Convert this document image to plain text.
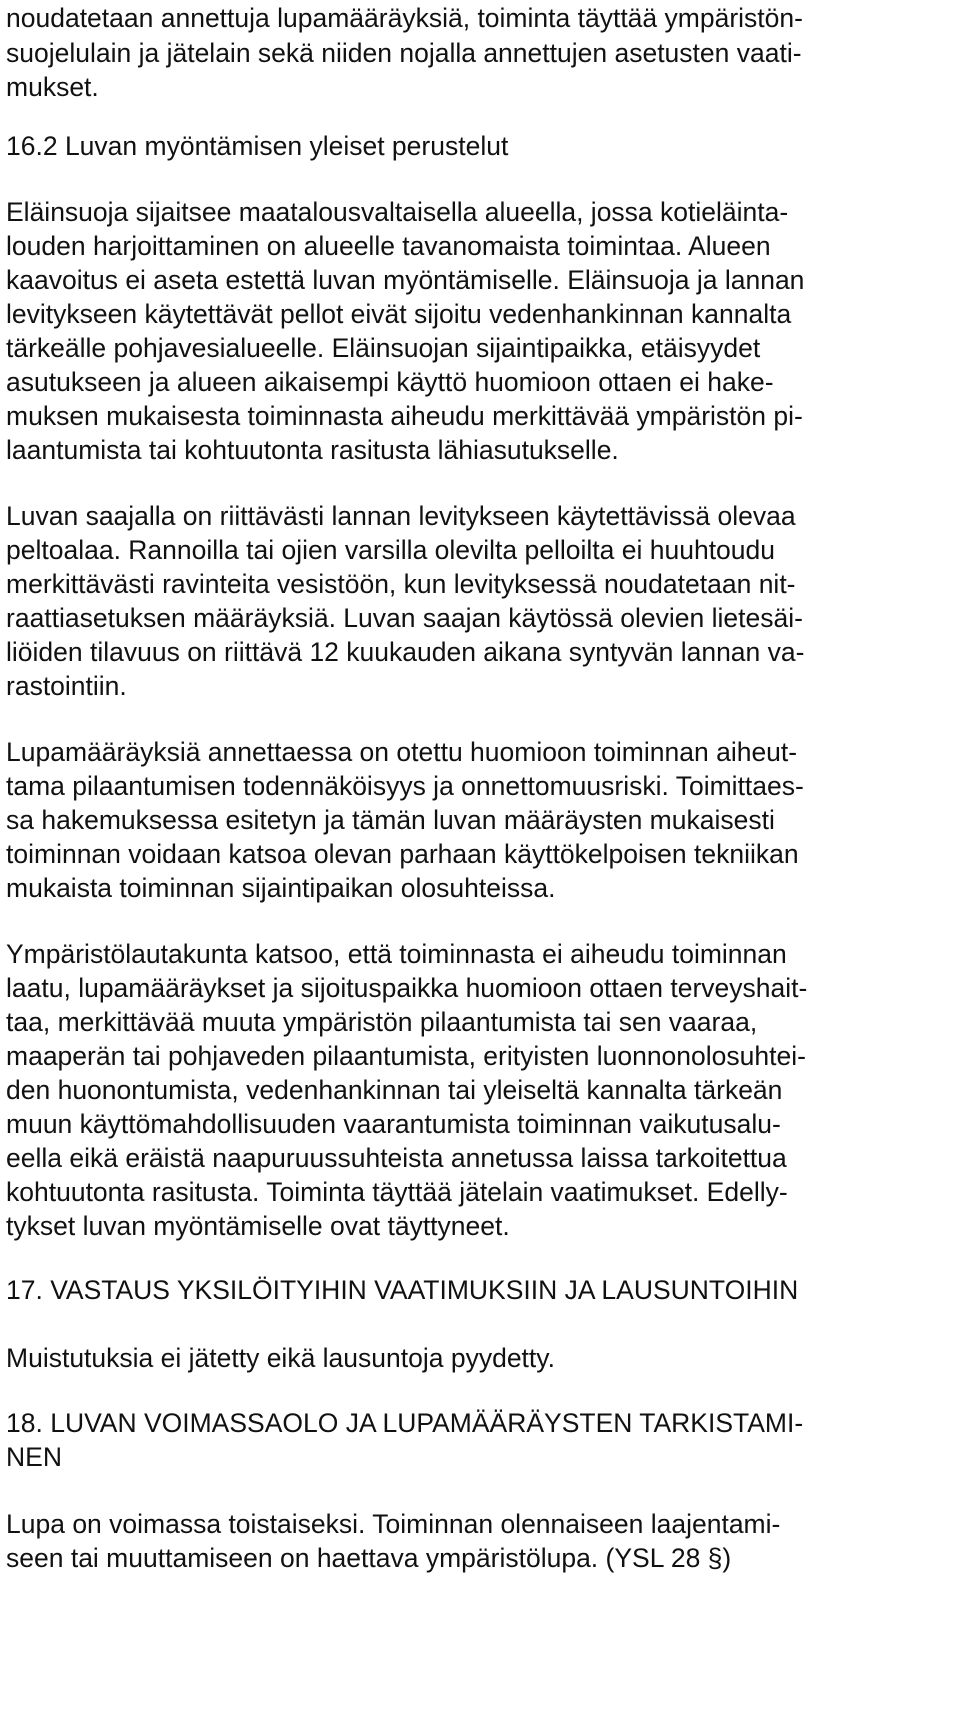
noudatetaan annettuja lupamääräyksiä, toiminta täyttää ympäristön-
suojelulain ja jätelain sekä niiden nojalla annettujen asetusten vaati-
mukset.
16.2 Luvan myöntämisen yleiset perustelut
Eläinsuoja sijaitsee maatalousvaltaisella alueella, jossa kotieläinta-
louden harjoittaminen on alueelle tavanomaista toimintaa. Alueen
kaavoitus ei aseta estettä luvan myöntämiselle. Eläinsuoja ja lannan
levitykseen käytettävät pellot eivät sijoitu vedenhankinnan kannalta
tärkeälle pohjavesialueelle. Eläinsuojan sijaintipaikka, etäisyydet
asutukseen ja alueen aikaisempi käyttö huomioon ottaen ei hake-
muksen mukaisesta toiminnasta aiheudu merkittävää ympäristön pi-
laantumista tai kohtuutonta rasitusta lähiasutukselle.
Luvan saajalla on riittävästi lannan levitykseen käytettävissä olevaa
peltoalaa. Rannoilla tai ojien varsilla olevilta pelloilta ei huuhtoudu
merkittävästi ravinteita vesistöön, kun levityksessä noudatetaan nit-
raattiasetuksen määräyksiä. Luvan saajan käytössä olevien lietesäi-
liöiden tilavuus on riittävä 12 kuukauden aikana syntyvän lannan va-
rastointiin.
Lupamääräyksiä annettaessa on otettu huomioon toiminnan aiheut-
tama pilaantumisen todennäköisyys ja onnettomuusriski. Toimittaes-
sa hakemuksessa esitetyn ja tämän luvan määräysten mukaisesti
toiminnan voidaan katsoa olevan parhaan käyttökelpoisen tekniikan
mukaista toiminnan sijaintipaikan olosuhteissa.
Ympäristölautakunta katsoo, että toiminnasta ei aiheudu toiminnan
laatu, lupamääräykset ja sijoituspaikka huomioon ottaen terveyshait-
taa, merkittävää muuta ympäristön pilaantumista tai sen vaaraa,
maaperän tai pohjaveden pilaantumista, erityisten luonnonolosuhtei-
den huonontumista, vedenhankinnan tai yleiseltä kannalta tärkeän
muun käyttömahdollisuuden vaarantumista toiminnan vaikutusalu-
eella eikä eräistä naapuruussuhteista annetussa laissa tarkoitettua
kohtuutonta rasitusta. Toiminta täyttää jätelain vaatimukset. Edelly-
tykset luvan myöntämiselle ovat täyttyneet.
17. VASTAUS YKSILÖITYIHIN VAATIMUKSIIN JA LAUSUNTOIHIN
Muistutuksia ei jätetty eikä lausuntoja pyydetty.
18. LUVAN VOIMASSAOLO JA LUPAMÄÄRÄYSTEN TARKISTAMI-
NEN
Lupa on voimassa toistaiseksi. Toiminnan olennaiseen laajentami-
seen tai muuttamiseen on haettava ympäristölupa. (YSL 28 §)
